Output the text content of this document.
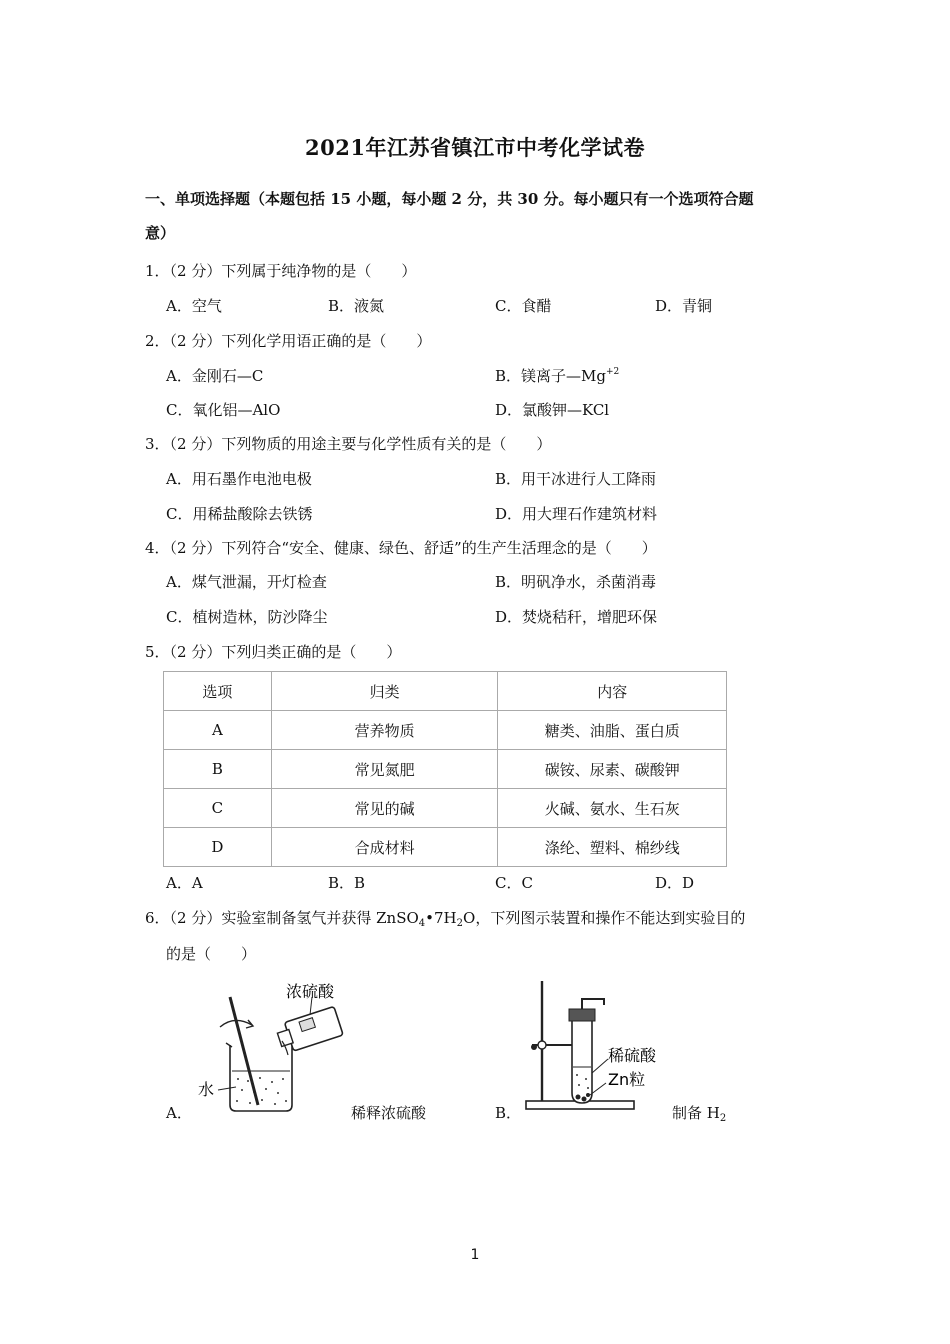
2021年江苏省镇江市中考化学试卷
一、单项选择题（本题包括 15 小题，每小题 2 分，共 30 分。每小题只有一个选项符合题
意）
1．（2 分）下列属于纯净物的是（　　）
A．空气	B．液氮	C．食醋	D．青铜
2．（2 分）下列化学用语正确的是（　　）
A．金刚石—C	B．镁离子$—Mg^{+2}$
C．氧化铝—AlO	D．氯酸钾—KCl
3．（2 分）下列物质的用途主要与化学性质有关的是（　　）
A．用石墨作电池电极	B．用干冰进行人工降雨
C．用稀盐酸除去铁锈	D．用大理石作建筑材料
4．（2 分）下列符合“安全、健康、绿色、舒适”的生产生活理念的是（　　）
A．煤气泄漏，开灯检查	B．明矾净水，杀菌消毒
C．植树造林，防沙降尘	D．焚烧秸秆，增肥环保
5．（2 分）下列归类正确的是（　　）
选项	归类	内容
A	营养物质	糖类、油脂、蛋白质
B	常见氮肥	碳铵、尿素、碳酸钾
C	常见的碱	火碱、氨水、生石灰
D	合成材料	涤纶、塑料、棉纱线
A．A	B．B	C．C	D．D
6．（2 分）实验室制备氢气并获得 $ZnSO_4•7H_2O$，下列图示装置和操作不能达到实验目的
的是（　　）
A．
浓硫酸
水
稀释浓硫酸	B．
稀硫酸
Zn粒
制备 $H_2$
1
